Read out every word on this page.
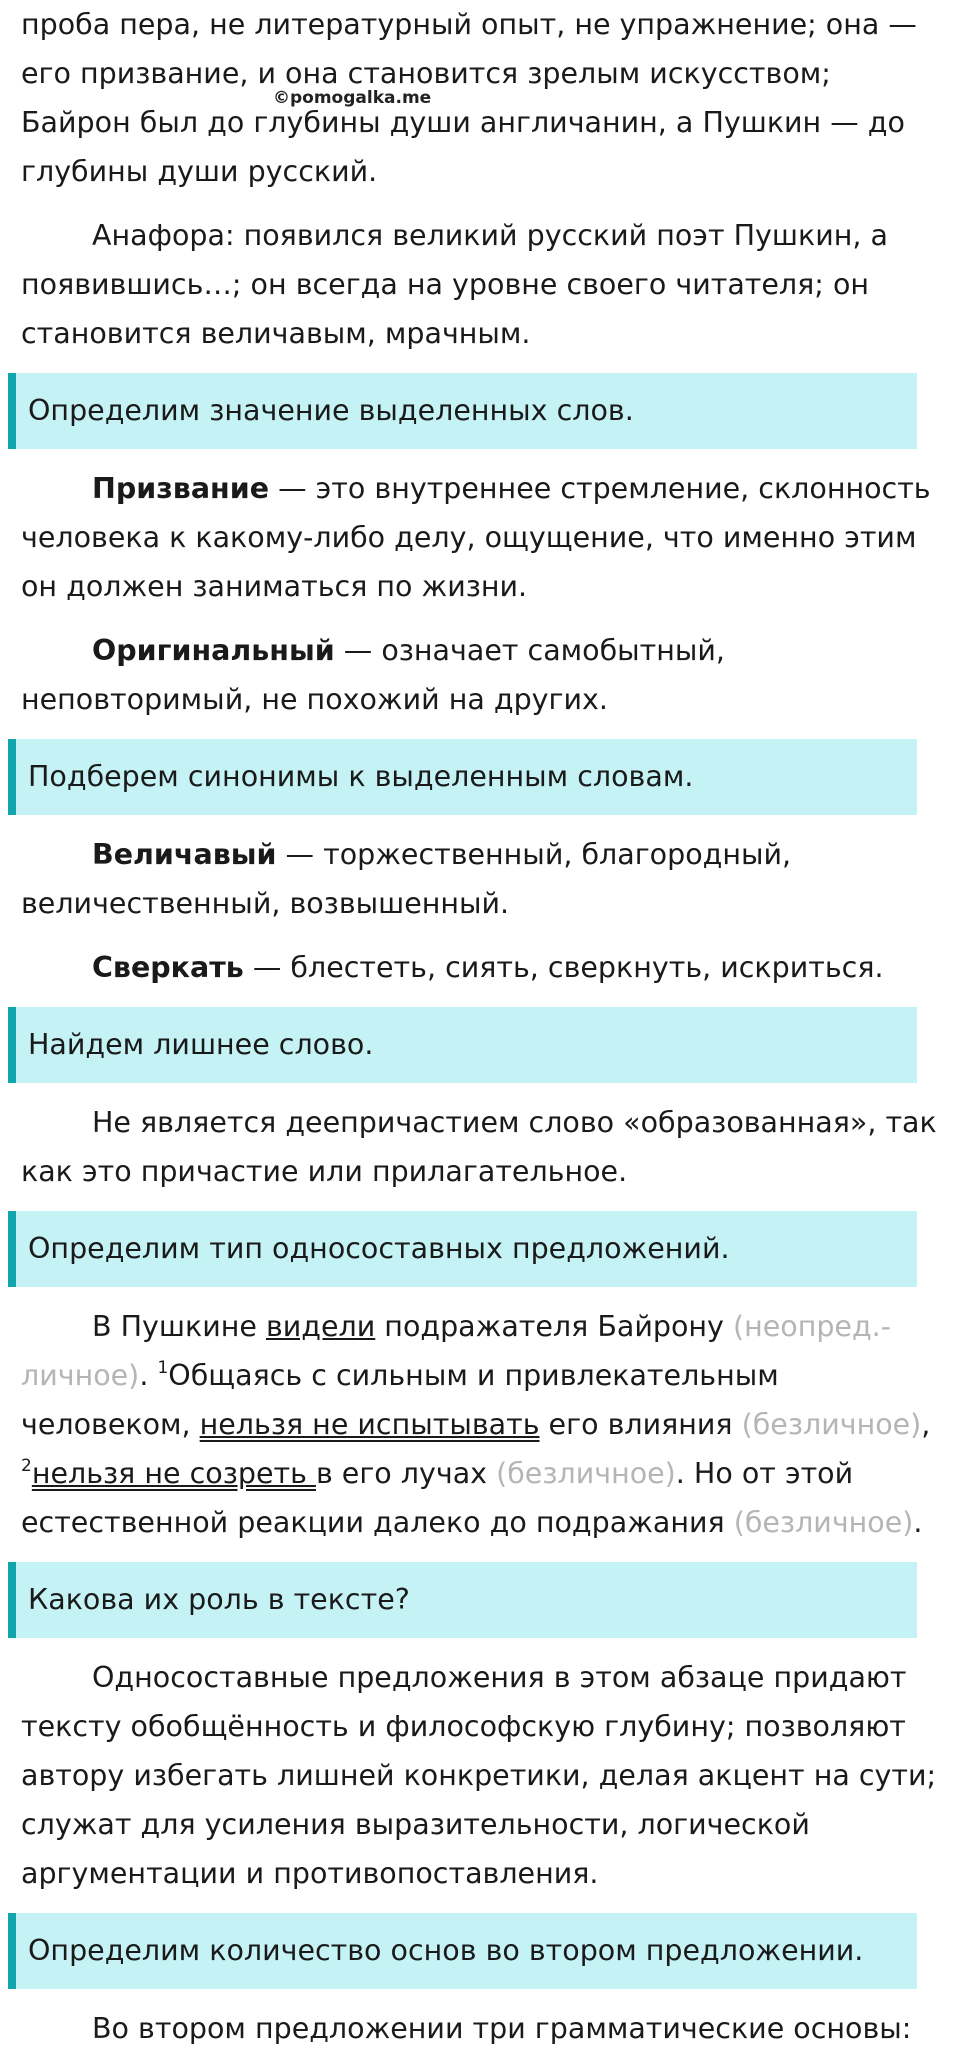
©pomogalka.me

проба пера, не литературный опыт, не упражнение; она — его призвание, и она становится зрелым искусством; Байрон был до глубины души англичанин, а Пушкин — до глубины души русский.

Анафора: появился великий русский поэт Пушкин, а появившись…; он всегда на уровне своего читателя; он становится величавым, мрачным.

Определим значение выделенных слов.

Призвание — это внутреннее стремление, склонность человека к какому-либо делу, ощущение, что именно этим он должен заниматься по жизни.

Оригинальный — означает самобытный, неповторимый, не похожий на других.

Подберем синонимы к выделенным словам.

Величавый — торжественный, благородный, величественный, возвышенный.

Сверкать — блестеть, сиять, сверкнуть, искриться.

Найдем лишнее слово.

Не является деепричастием слово «образованная», так как это причастие или прилагательное.

Определим тип односоставных предложений.

В Пушкине видели подражателя Байрону (неопред.-личное). $^1$Общаясь с сильным и привлекательным человеком, нельзя не испытывать его влияния (безличное), $^2$нельзя не созреть в его лучах (безличное). Но от этой естественной реакции далеко до подражания (безличное).

Какова их роль в тексте?

Односоставные предложения в этом абзаце придают тексту обобщённость и философскую глубину; позволяют автору избегать лишней конкретики, делая акцент на сути; служат для усиления выразительности, логической аргументации и противопоставления.

Определим количество основ во втором предложении.

Во втором предложении три грамматические основы:
